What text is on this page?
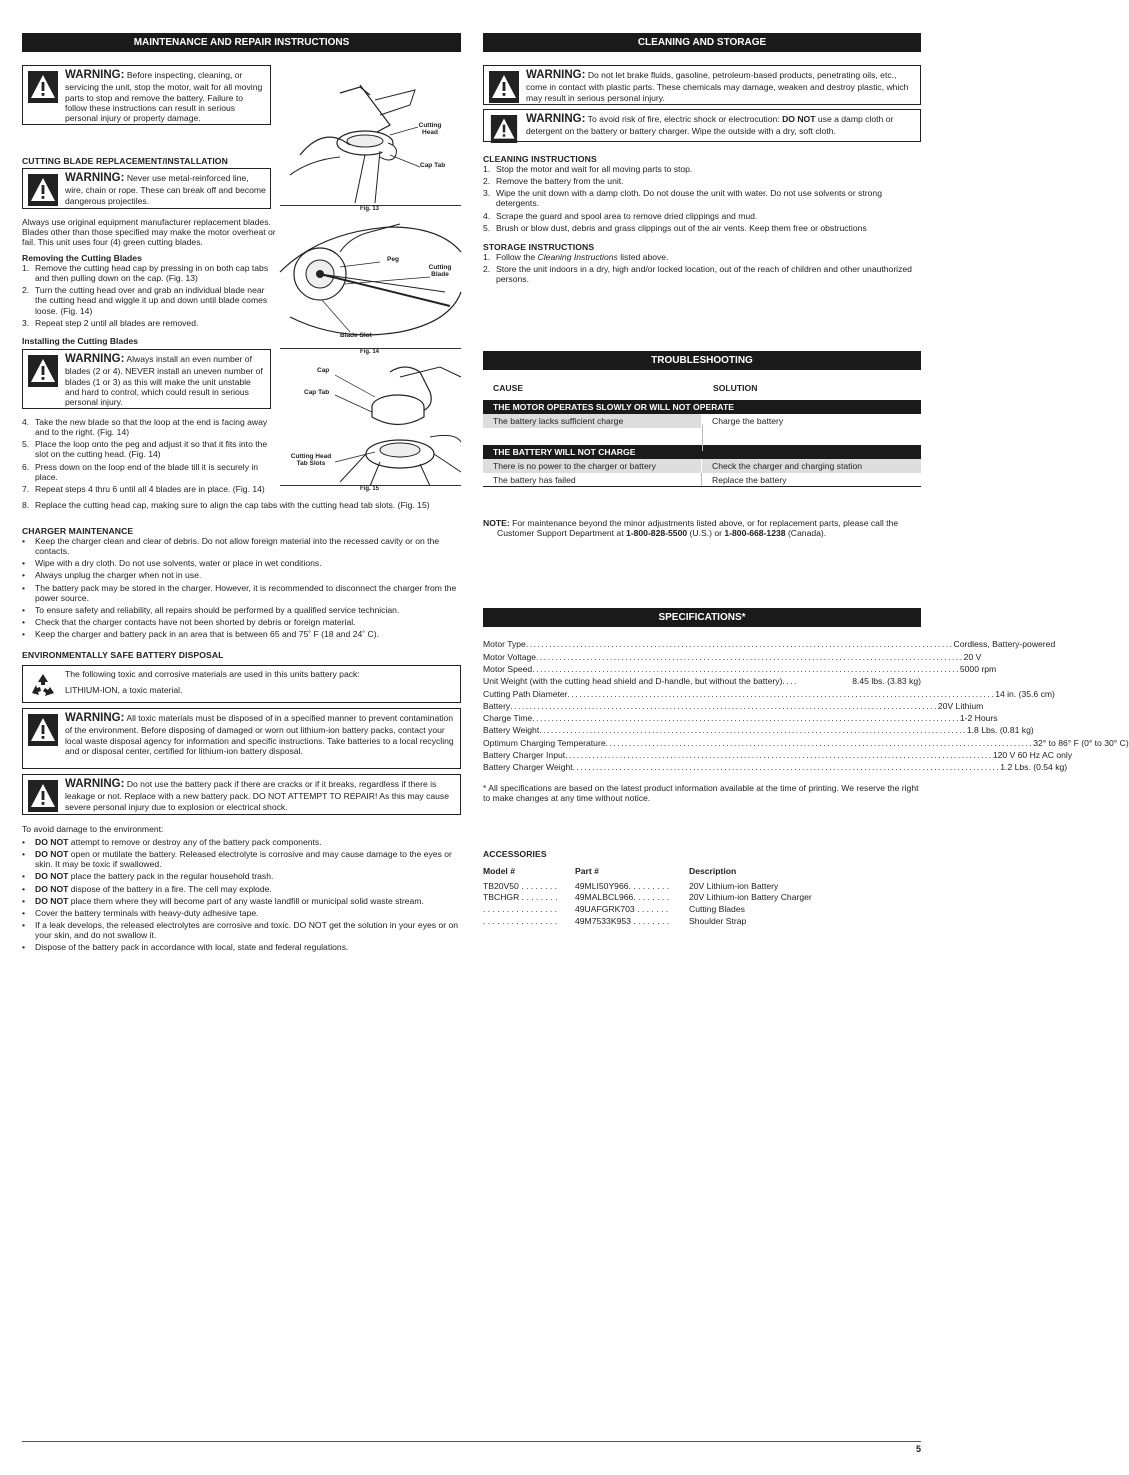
MAINTENANCE AND REPAIR INSTRUCTIONS
WARNING: Before inspecting, cleaning, or servicing the unit, stop the motor, wait for all moving parts to stop and remove the battery. Failure to follow these instructions can result in serious personal injury or property damage.
CUTTING BLADE REPLACEMENT/INSTALLATION
WARNING: Never use metal-reinforced line, wire, chain or rope. These can break off and become dangerous projectiles.
Always use original equipment manufacturer replacement blades. Blades other than those specified may make the motor overheat or fail. This unit uses four (4) green cutting blades.
Removing the Cutting Blades
1. Remove the cutting head cap by pressing in on both cap tabs and then pulling down on the cap. (Fig. 13)
2. Turn the cutting head over and grab an individual blade near the cutting head and wiggle it up and down until blade comes loose. (Fig. 14)
3. Repeat step 2 until all blades are removed.
Installing the Cutting Blades
WARNING: Always install an even number of blades (2 or 4). NEVER install an uneven number of blades (1 or 3) as this will make the unit unstable and hard to control, which could result in serious personal injury.
4. Take the new blade so that the loop at the end is facing away and to the right. (Fig. 14)
5. Place the loop onto the peg and adjust it so that it fits into the slot on the cutting head. (Fig. 14)
6. Press down on the loop end of the blade till it is securely in place.
7. Repeat steps 4 thru 6 until all 4 blades are in place. (Fig. 14)
8. Replace the cutting head cap, making sure to align the cap tabs with the cutting head tab slots. (Fig. 15)
CHARGER MAINTENANCE
•	Keep the charger clean and clear of debris. Do not allow foreign material into the recessed cavity or on the contacts.
•	Wipe with a dry cloth. Do not use solvents, water or place in wet conditions.
•	Always unplug the charger when not in use.
•	The battery pack may be stored in the charger. However, it is recommended to disconnect the charger from the power source.
•	To ensure safety and reliability, all repairs should be performed by a qualified service technician.
•	Check that the charger contacts have not been shorted by debris or foreign material.
•	Keep the charger and battery pack in an area that is between 65 and 75˚ F (18 and 24˚ C).
ENVIRONMENTALLY SAFE BATTERY DISPOSAL
The following toxic and corrosive materials are used in this units battery pack:
LITHIUM-ION, a toxic material.
WARNING: All toxic materials must be disposed of in a specified manner to prevent contamination of the environment. Before disposing of damaged or worn out lithium-ion battery packs, contact your local waste disposal agency for information and specific instructions. Take batteries to a local recycling and or disposal center, certified for lithium-ion battery disposal.
WARNING: Do not use the battery pack if there are cracks or if it breaks, regardless if there is leakage or not. Replace with a new battery pack. DO NOT ATTEMPT TO REPAIR! As this may cause severe personal injury due to explosion or electrical shock.
To avoid damage to the environment:
•	DO NOT attempt to remove or destroy any of the battery pack components.
•	DO NOT open or mutilate the battery. Released electrolyte is corrosive and may cause damage to the eyes or skin. It may be toxic if swallowed.
•	DO NOT place the battery pack in the regular household trash.
•	DO NOT dispose of the battery in a fire. The cell may explode.
•	DO NOT place them where they will become part of any waste landfill or municipal solid waste stream.
•	Cover the battery terminals with heavy-duty adhesive tape.
•	If a leak develops, the released electrolytes are corrosive and toxic. DO NOT get the solution in your eyes or on your skin, and do not swallow it.
•	Dispose of the battery pack in accordance with local, state and federal regulations.
Cutting Head
Cap Tab
Fig. 13
Peg
Cutting Blade
Blade Slot
Fig. 14
Cap
Cap Tab
Cutting Head Tab Slots
Fig. 15
CLEANING AND STORAGE
WARNING: Do not let brake fluids, gasoline, petroleum-based products, penetrating oils, etc., come in contact with plastic parts. These chemicals may damage, weaken and destroy plastic, which may result in serious personal injury.
WARNING: To avoid risk of fire, electric shock or electrocution: DO NOT use a damp cloth or detergent on the battery or battery charger. Wipe the outside with a dry, soft cloth.
CLEANING INSTRUCTIONS
1. Stop the motor and wait for all moving parts to stop.
2. Remove the battery from the unit.
3. Wipe the unit down with a damp cloth. Do not douse the unit with water. Do not use solvents or strong detergents.
4. Scrape the guard and spool area to remove dried clippings and mud.
5. Brush or blow dust, debris and grass clippings out of the air vents. Keep them free or obstructions
STORAGE INSTRUCTIONS
1. Follow the Cleaning Instructions listed above.
2. Store the unit indoors in a dry, high and/or locked location, out of the reach of children and other unauthorized persons.
TROUBLESHOOTING
CAUSE	SOLUTION
THE MOTOR OPERATES SLOWLY OR WILL NOT OPERATE
The battery lacks sufficient charge	Charge the battery
THE BATTERY WILL NOT CHARGE
There is no power to the charger or battery	Check the charger and charging station
The battery has failed	Replace the battery
NOTE: For maintenance beyond the minor adjustments listed above, or for replacement parts, please call the Customer Support Department at 1-800-828-5500 (U.S.) or 1-800-668-1238 (Canada).
SPECIFICATIONS*
Motor Type .............................................................................................................. Cordless, Battery-powered
Motor Voltage .............................................................................................................. 20 V
Motor Speed .............................................................................................................. 5000 rpm
Unit Weight (with the cutting head shield and D-handle, but without the battery) ....	8.45 lbs. (3.83 kg)
Cutting Path Diameter .............................................................................................................. 14 in. (35.6 cm)
Battery .............................................................................................................. 20V Lithium
Charge Time .............................................................................................................. 1-2 Hours
Battery Weight .............................................................................................................. 1.8 Lbs. (0.81 kg)
Optimum Charging Temperature .............................................................................................................. 32° to 86° F (0° to 30° C)
Battery Charger Input .............................................................................................................. 120 V 60 Hz AC only
Battery Charger Weight .............................................................................................................. 1.2 Lbs. (0.54 kg)
* All specifications are based on the latest product information available at the time of printing. We reserve the right to make changes at any time without notice.
ACCESSORIES
Model #	Part #	Description
TB20V50 . . . . . . . .	49MLI50Y966. . . . . . . . .	20V Lithium-ion Battery
TBCHGR . . . . . . . .	49MALBCL966. . . . . . . .	20V Lithium-ion Battery Charger
. . . . . . . . . . . . . . . .	49UAFGRK703 . . . . . . .	Cutting Blades
. . . . . . . . . . . . . . . .	49M7533K953 . . . . . . . .	Shoulder Strap
5
